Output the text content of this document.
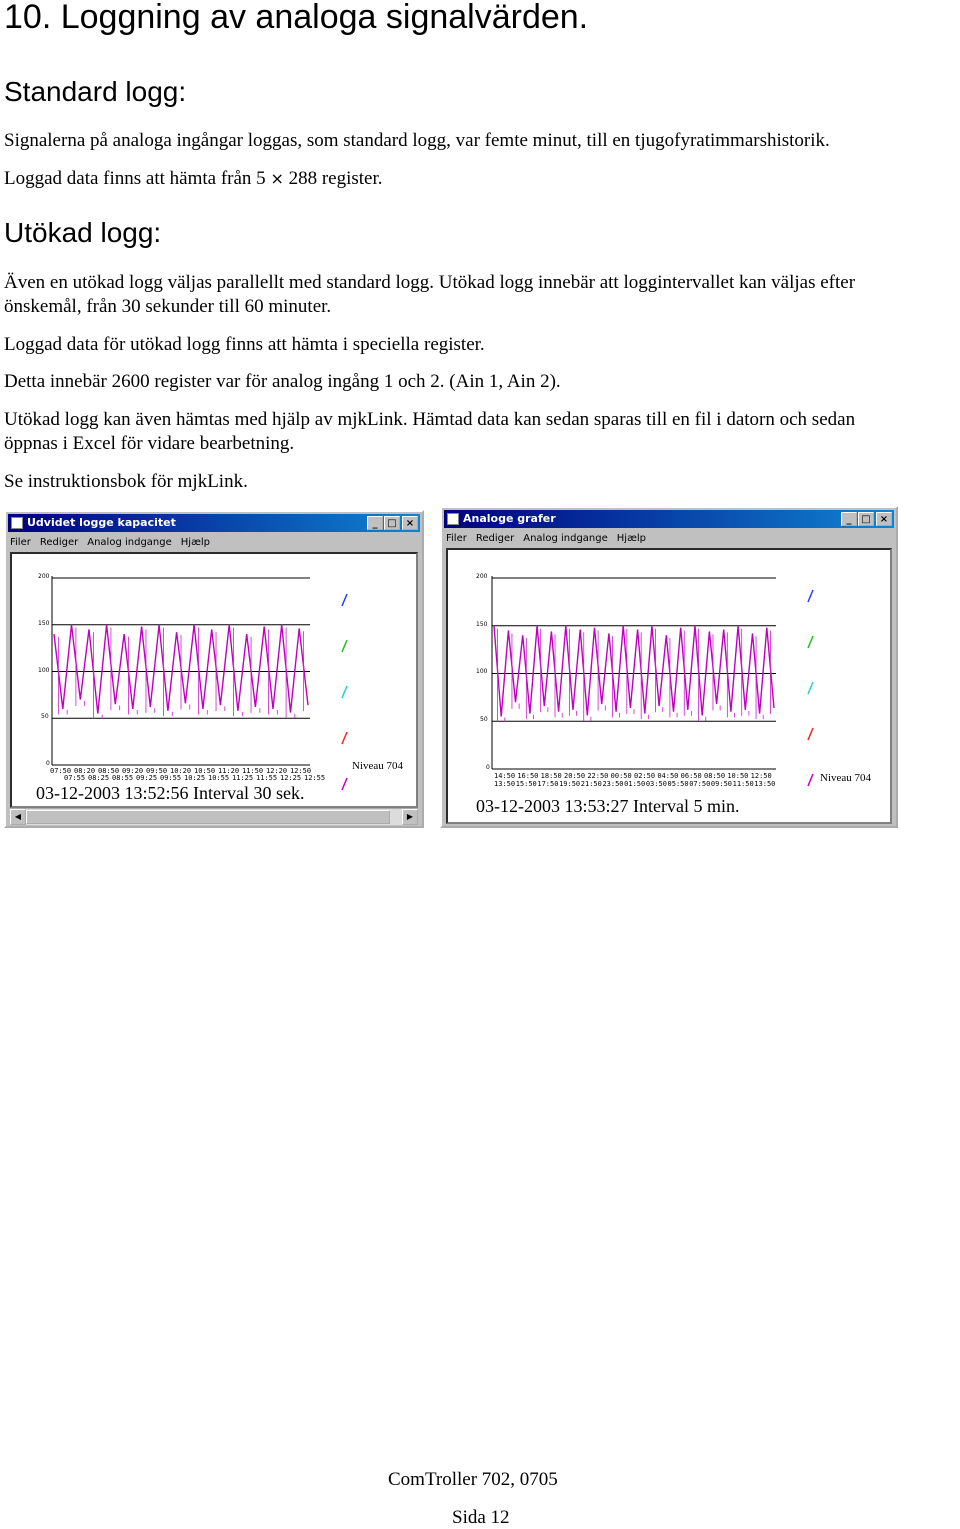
10. Loggning av analoga signalvärden.
Standard logg:
Signalerna på analoga ingångar loggas, som standard logg, var femte minut, till en tjugofyratimmarshistorik.
Loggad data finns att hämta från 5 × 288 register.
Utökad logg:
Även en utökad logg väljas parallellt med standard logg. Utökad logg innebär att loggintervallet kan väljas efter
önskemål, från 30 sekunder till 60 minuter.
Loggad data för utökad logg finns att hämta i speciella register.
Detta innebär 2600 register var för analog ingång 1 och 2. (Ain 1, Ain 2).
Utökad logg kan även hämtas med hjälp av mjkLink. Hämtad data kan sedan sparas till en fil i datorn och sedan
öppnas i Excel för vidare bearbetning.
Se instruktionsbok för mjkLink.
Udvidet logge kapacitet	_ □ ×
Filer Rediger Analog indgange Hjælp
200
150
100
50
0
07:50 08:20 08:50 09:20 09:50 10:20 10:50 11:20 11:50 12:20 12:50
07:55 08:25 08:55 09:25 09:55 10:25 10:55 11:25 11:55 12:25 12:55
Niveau 704
03-12-2003 13:52:56 Interval 30 sek.
◀	▶
Analoge grafer	_ □ ×
Filer Rediger Analog indgange Hjælp
200
150
100
50
0
14:50 16:50 18:50 20:50 22:50 00:50 02:50 04:50 06:50 08:50 10:50 12:50
13:50 15:50 17:50 19:50 21:50 23:50 01:50 03:50 05:50 07:50 09:50 11:50 13:50	Niveau 704
03-12-2003 13:53:27 Interval 5 min.
ComTroller 702, 0705
Sida 12
